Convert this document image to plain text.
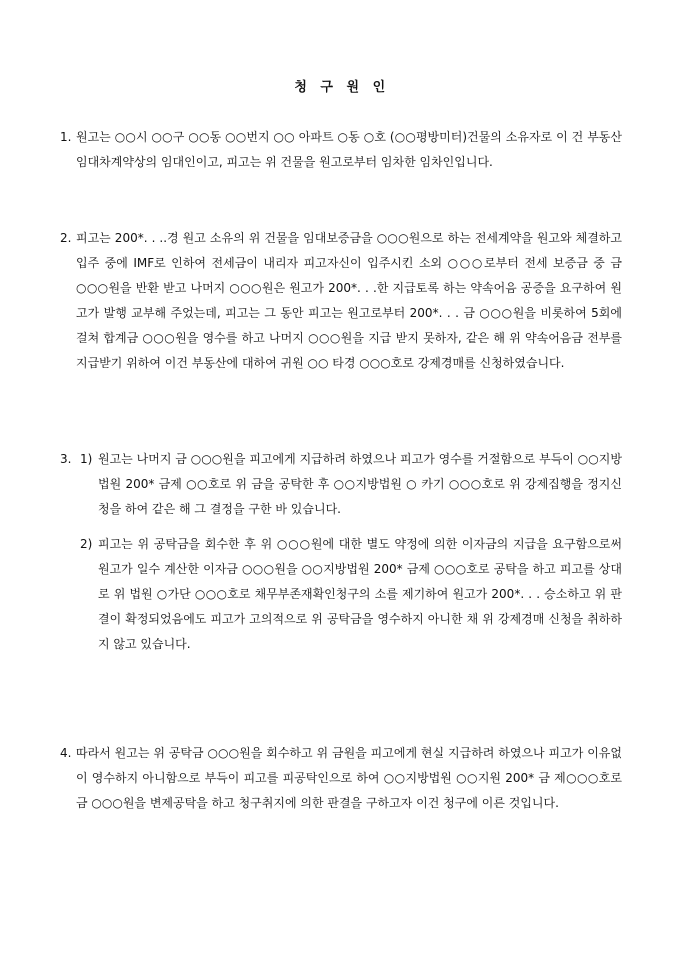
청 구 원 인
1. 원고는 ○○시 ○○구 ○○동 ○○번지 ○○ 아파트 ○동 ○호 (○○평방미터)건물의 소유자로 이 건 부동산 임대차계약상의 임대인이고, 피고는 위 건물을 원고로부터 임차한 임차인입니다.
2. 피고는 200*. . ..경 원고 소유의 위 건물을 임대보증금을 ○○○원으로 하는 전세계약을 원고와 체결하고 입주 중에 IMF로 인하여 전세금이 내리자 피고자신이 입주시킨 소외 ○○○로부터 전세 보증금 중 금 ○○○원을 반환 받고 나머지 ○○○원은 원고가 200*. . .한 지급토록 하는 약속어음 공증을 요구하여 원고가 발행 교부해 주었는데, 피고는 그 동안 피고는 원고로부터 200*. . . 금 ○○○원을 비롯하여 5회에 걸쳐 합계금 ○○○원을 영수를 하고 나머지 ○○○원을 지급 받지 못하자, 같은 해 위 약속어음금 전부를 지급받기 위하여 이건 부동산에 대하여 귀원 ○○ 타경 ○○○호로 강제경매를 신청하였습니다.
3. 1) 원고는 나머지 금 ○○○원을 피고에게 지급하려 하였으나 피고가 영수를 거절함으로 부득이 ○○지방법원 200* 금제 ○○호로 위 금을 공탁한 후 ○○지방법원 ○ 카기 ○○○호로 위 강제집행을 정지신청을 하여 같은 해 그 결정을 구한 바 있습니다.
2) 피고는 위 공탁금을 회수한 후 위 ○○○원에 대한 별도 약정에 의한 이자금의 지급을 요구함으로써 원고가 일수 계산한 이자금 ○○○원을 ○○지방법원 200* 금제 ○○○호로 공탁을 하고 피고를 상대로 위 법원 ○가단 ○○○호로 채무부존재확인청구의 소를 제기하여 원고가 200*. . . 승소하고 위 판결이 확정되었음에도 피고가 고의적으로 위 공탁금을 영수하지 아니한 채 위 강제경매 신청을 취하하지 않고 있습니다.
4. 따라서 원고는 위 공탁금 ○○○원을 회수하고 위 금원을 피고에게 현실 지급하려 하였으나 피고가 이유없이 영수하지 아니함으로 부득이 피고를 피공탁인으로 하여 ○○지방법원 ○○지원 200* 금 제○○○호로 금 ○○○원을 변제공탁을 하고 청구취지에 의한 판결을 구하고자 이건 청구에 이른 것입니다.
